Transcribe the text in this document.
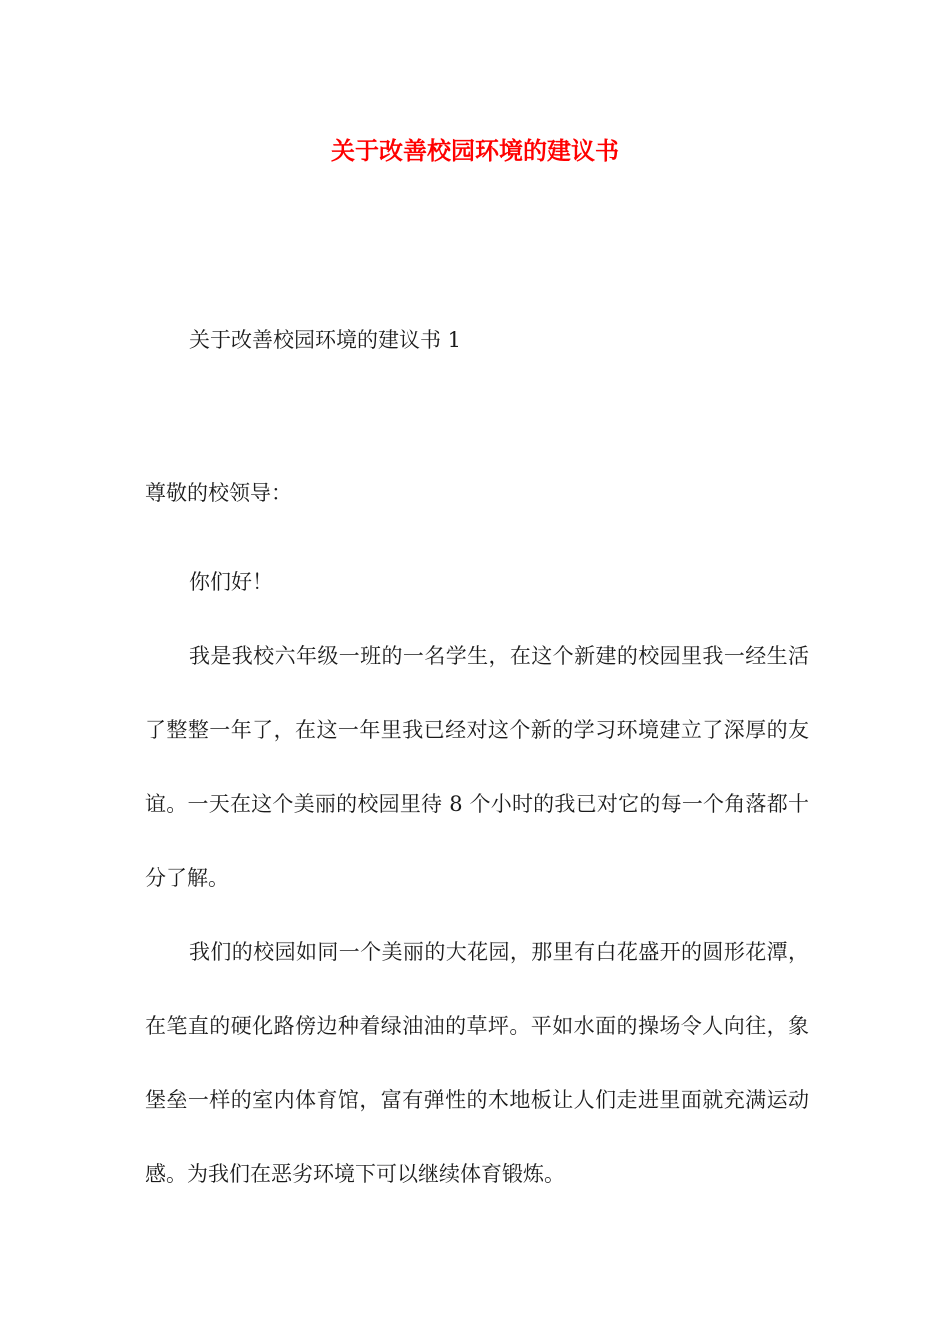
关于改善校园环境的建议书
关于改善校园环境的建议书 1
尊敬的校领导：

你们好！

我是我校六年级一班的一名学生，在这个新建的校园里我一经生活了整整一年了，在这一年里我已经对这个新的学习环境建立了深厚的友谊。一天在这个美丽的校园里待 8 个小时的我已对它的每一个角落都十分了解。

我们的校园如同一个美丽的大花园，那里有白花盛开的圆形花潭，在笔直的硬化路傍边种着绿油油的草坪。平如水面的操场令人向往，象堡垒一样的室内体育馆，富有弹性的木地板让人们走进里面就充满运动感。为我们在恶劣环境下可以继续体育锻炼。
